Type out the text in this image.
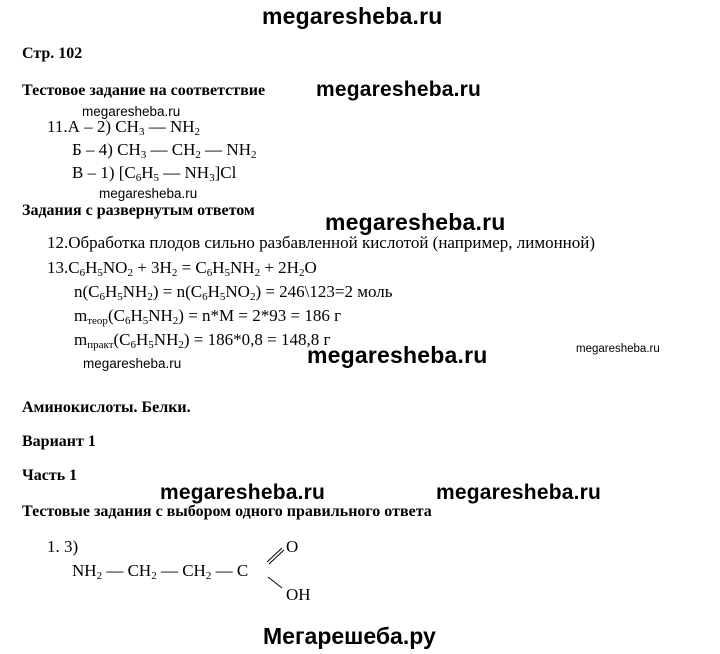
megaresheba.ru
megaresheba.ru
megaresheba.ru
megaresheba.ru
megaresheba.ru
megaresheba.ru
megaresheba.ru
megaresheba.ru
megaresheba.ru	megaresheba.ru
Стр. 102
Тестовое задание на соответствие
11.А – 2) $CH_3$ — $NH_2$
Б – 4) $CH_3$ — $CH_2$ — $NH_2$
В – 1) [$C_6H_5$ — $NH_3]Cl$
Задания с развернутым ответом
12.Обработка плодов сильно разбавленной кислотой (например, лимонной)
$13.C_6H_5NO_2 + 3H_2 = C_6H_5NH_2 + 2H_2O$
$n(C_6H_5NH_2) = n(C_6H_5NO_2)$ = 246\123=2 моль
$m_{теор}(C_6H_5NH_2) = n*M = 2*93 = 186$ г
$m_{практ}(C_6H_5NH_2) = 186*0,8 = 148,8$ г
Аминокислоты. Белки.
Вариант 1
Часть 1
Тестовые задания с выбором одного правильного ответа
1. 3)
$NH_2$ — $CH_2$ — $CH_2$ — C
O
OH
Мегарешеба.ру
